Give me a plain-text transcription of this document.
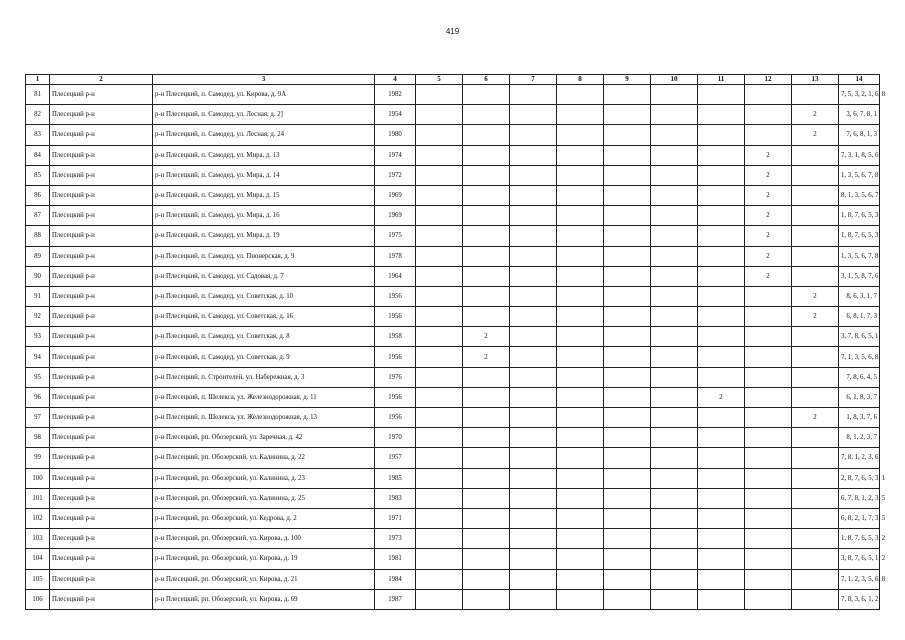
419
1	2	3	4	5	6	7	8	9	10	11	12	13	14
81	Плесецкий р-н	р-н Плесецкий, п. Самодед, ул. Кирова, д. 9А	1982										7, 5, 3, 2, 1, 6, 8
82	Плесецкий р-н	р-н Плесецкий, п. Самодед, ул. Лесная, д. 2]	1954									2	3, 6, 7, 8, 1
83	Плесецкий р-н	р-н Плесецкий, п. Самодед, ул. Лесная, д. 24	1980									2	7, 6, 8, 1, 3
84	Плесецкий р-н	р-н Плесецкий, п. Самодед, ул. Мира, д. 13	1974								2		7, 3, 1, 8, 5, 6
85	Плесецкий р-н	р-н Плесецкий, п. Самодед, ул. Мира, д. 14	1972								2		1, 3, 5, 6, 7, 8
86	Плесецкий р-н	р-н Плесецкий, п. Самодед, ул. Мира, д. 15	1969								2		8, 1, 3, 5, 6, 7
87	Плесецкий р-н	р-н Плесецкий, п. Самодед, ул. Мира, д. 16	1969								2		1, 8, 7, 6, 5, 3
88	Плесецкий р-н	р-н Плесецкий, п. Самодед, ул. Мира, д. 19	1975								2		1, 8, 7, 6, 5, 3
89	Плесецкий р-н	р-н Плесецкий, п. Самодед, ул. Пионерская, д. 9	1978								2		1, 3, 5, 6, 7, 8
90	Плесецкий р-н	р-н Плесецкий, п. Самодед, ул. Садовая, д. 7	1964								2		3, 1, 5, 8, 7, 6
91	Плесецкий р-н	р-н Плесецкий, п. Самодед, ул. Советская, д. 10	1956									2	8, 6, 3, 1, 7
92	Плесецкий р-н	р-н Плесецкий, п. Самодед, ул. Советская, д. 16	1956									2	6, 8, 1, 7, 3
93	Плесецкий р-н	р-н Плесецкий, п. Самодед, ул. Советская, д. 8	1958		2								3, 7, 8, 6, 5, 1
94	Плесецкий р-н	р-н Плесецкий, п. Самодед, ул. Советская, д. 9	1956		2								7, 1, 3, 5, 6, 8
95	Плесецкий р-н	р-н Плесецкий, п. Строителей, ул. Набережная, д. 3	1976										7, 8, 6, 4, 5
96	Плесецкий р-н	р-н Плесецкий, п. Шелекса, ул. Железнодорожная, д. 11	1956							2			6, 1, 8, 3, 7
97	Плесецкий р-н	р-н Плесецкий, п. Шелекса, ул. Железнодорожная, д. 13	1956									2	1, 8, 3, 7, 6
98	Плесецкий р-н	р-н Плесецкий, рп. Обозерский, ул. Заречная, д. 42	1970										8, 1, 2, 3, 7
99	Плесецкий р-н	р-н Плесецкий, рп. Обозерский, ул. Калинина, д. 22	1957										7, 8, 1, 2, 3, 6
100	Плесецкий р-н	р-н Плесецкий, рп. Обозерский, ул. Калинина, д. 23	1985										2, 8, 7, 6, 5, 3, 1
101	Плесецкий р-н	р-н Плесецкий, рп. Обозерский, ул. Калинина, д. 25	1983										6, 7, 8, 1, 2, 3, 5
102	Плесецкий р-н	р-н Плесецкий, рп. Обозерский, ул. Кедрова, д. 2	1971										6, 8, 2, 1, 7, 3, 5
103	Плесецкий р-н	р-н Плесецкий, рп. Обозерский, ул. Кирова, д. 100	1973										1, 8, 7, 6, 5, 3, 2
104	Плесецкий р-н	р-н Плесецкий, рп. Обозерский, ул. Кирова, д. 19	1981										3, 8, 7, 6, 5, 1, 2
105	Плесецкий р-н	р-н Плесецкий, рп. Обозерский, ул. Кирова, д. 21	1984										7, 1, 2, 3, 5, 6, 8
106	Плесецкий р-н	р-н Плесецкий, рп. Обозерский, ул. Кирова, д. 69	1987										7, 8, 3, 6, 1, 2
